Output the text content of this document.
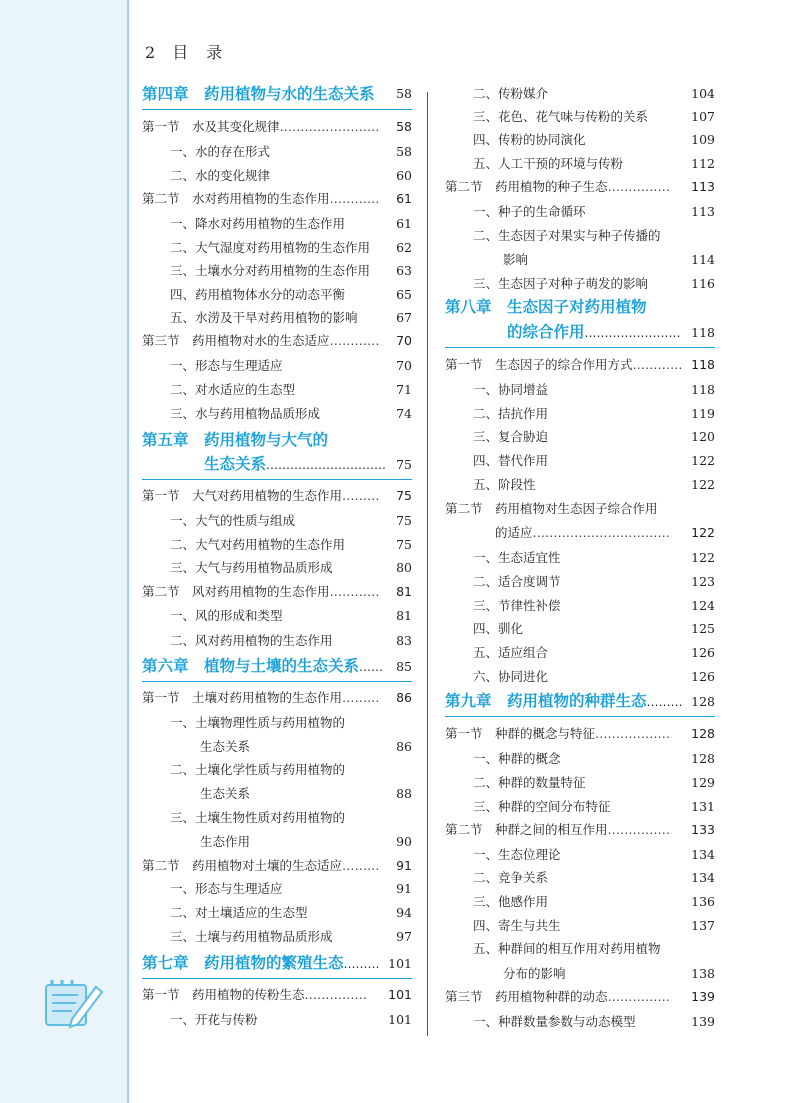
2 目　录
第四章　药用植物与水的生态关系 58
第一节　水及其变化规律…………………… 58
一、水的存在形式	58
二、水的变化规律	60
第二节　水对药用植物的生态作用………… 61
一、降水对药用植物的生态作用	61
二、大气湿度对药用植物的生态作用 62
三、土壤水分对药用植物的生态作用 63
四、药用植物体水分的动态平衡	65
五、水涝及干旱对药用植物的影响	67
第三节　药用植物对水的生态适应………… 70
一、形态与生理适应	70
二、对水适应的生态型	71
三、水与药用植物品质形成	74
第五章　药用植物与大气的
生态关系………………………… 75
第一节　大气对药用植物的生态作用……… 75
一、大气的性质与组成	75
二、大气对药用植物的生态作用	75
三、大气与药用植物品质形成	80
第二节　风对药用植物的生态作用………… 81
一、风的形成和类型	81
二、风对药用植物的生态作用	83
第六章　植物与土壤的生态关系…… 85
第一节　土壤对药用植物的生态作用……… 86
一、土壤物理性质与药用植物的
生态关系	86
二、土壤化学性质与药用植物的
生态关系	88
三、土壤生物性质对药用植物的
生态作用	90
第二节　药用植物对土壤的生态适应……… 91
一、形态与生理适应	91
二、对土壤适应的生态型	94
三、土壤与药用植物品质形成	97
第七章　药用植物的繁殖生态……… 101
第一节　药用植物的传粉生态…………… 101
一、开花与传粉	101
二、传粉媒介	104
三、花色、花气味与传粉的关系	107
四、传粉的协同演化	109
五、人工干预的环境与传粉	112
第二节　药用植物的种子生态…………… 113
一、种子的生命循环	113
二、生态因子对果实与种子传播的
影响	114
三、生态因子对种子萌发的影响	116
第八章　生态因子对药用植物
的综合作用…………………… 118
第一节　生态因子的综合作用方式………… 118
一、协同增益	118
二、拮抗作用	119
三、复合胁迫	120
四、替代作用	122
五、阶段性	122
第二节　药用植物对生态因子综合作用
的适应…………………………… 122
一、生态适宜性	122
二、适合度调节	123
三、节律性补偿	124
四、驯化	125
五、适应组合	126
六、协同进化	126
第九章　药用植物的种群生态……… 128
第一节　种群的概念与特征……………… 128
一、种群的概念	128
二、种群的数量特征	129
三、种群的空间分布特征	131
第二节　种群之间的相互作用…………… 133
一、生态位理论	134
二、竞争关系	134
三、他感作用	136
四、寄生与共生	137
五、种群间的相互作用对药用植物
分布的影响	138
第三节　药用植物种群的动态…………… 139
一、种群数量参数与动态模型	139
